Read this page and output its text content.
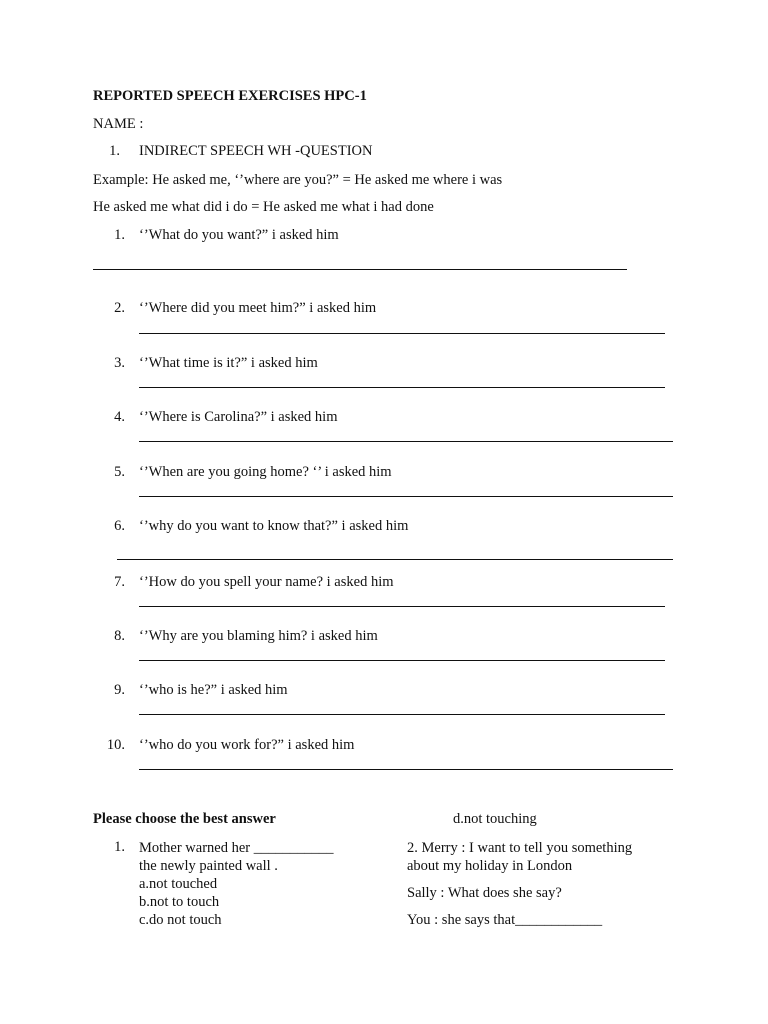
REPORTED SPEECH EXERCISES HPC-1
NAME :
1. INDIRECT SPEECH WH -QUESTION
Example: He asked me, ‘’where are you?” = He asked me where i was
He asked me what did i do = He asked me what i had done
1. ‘’What do you want?” i asked him
2. ‘’Where did you meet him?” i asked him
3. ‘’What time is it?” i asked him
4. ‘’Where is Carolina?” i asked him
5. ‘’When are you going home? ‘’ i asked him
6. ‘’why do you want to know that?” i asked him
7. ‘’How do you spell your name? i asked him
8. ‘’Why are you blaming him? i asked him
9. ‘’who is he?” i asked him
10. ‘’who do you work for?” i asked him
Please choose the best answer	d.not touching
1. Mother warned her ___________
the newly painted wall .
a.not touched
b.not to touch
c.do not touch
2. Merry : I want to tell you something
about my holiday in London
Sally : What does she say?
You : she says that____________
